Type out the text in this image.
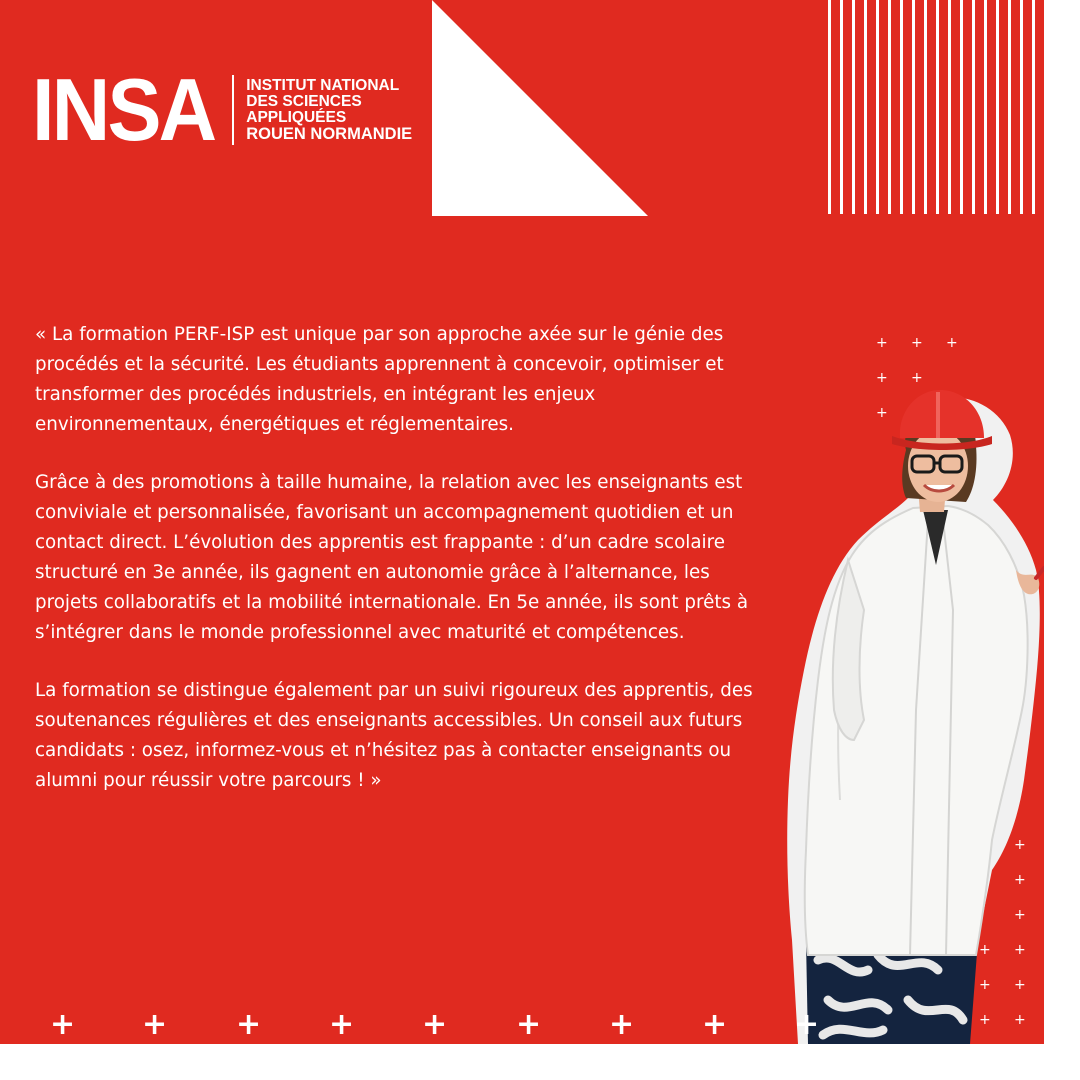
INSA INSTITUT NATIONAL
DES SCIENCES
APPLIQUÉES
ROUEN NORMANDIE

« La formation PERF-ISP est unique par son approche axée sur le génie des procédés et la sécurité. Les étudiants apprennent à concevoir, optimiser et transformer des procédés industriels, en intégrant les enjeux environnementaux, énergétiques et réglementaires.

Grâce à des promotions à taille humaine, la relation avec les enseignants est conviviale et personnalisée, favorisant un accompagnement quotidien et un contact direct. L’évolution des apprentis est frappante : d’un cadre scolaire structuré en 3e année, ils gagnent en autonomie grâce à l’alternance, les projets collaboratifs et la mobilité internationale. En 5e année, ils sont prêts à s’intégrer dans le monde professionnel avec maturité et compétences.

La formation se distingue également par un suivi rigoureux des apprentis, des soutenances régulières et des enseignants accessibles. Un conseil aux futurs candidats : osez, informez-vous et n’hésitez pas à contacter enseignants ou alumni pour réussir votre parcours ! »

+ + +
+ +
+
+
+
+
+ +
+ +
+ +
+ + + + + + + + +
